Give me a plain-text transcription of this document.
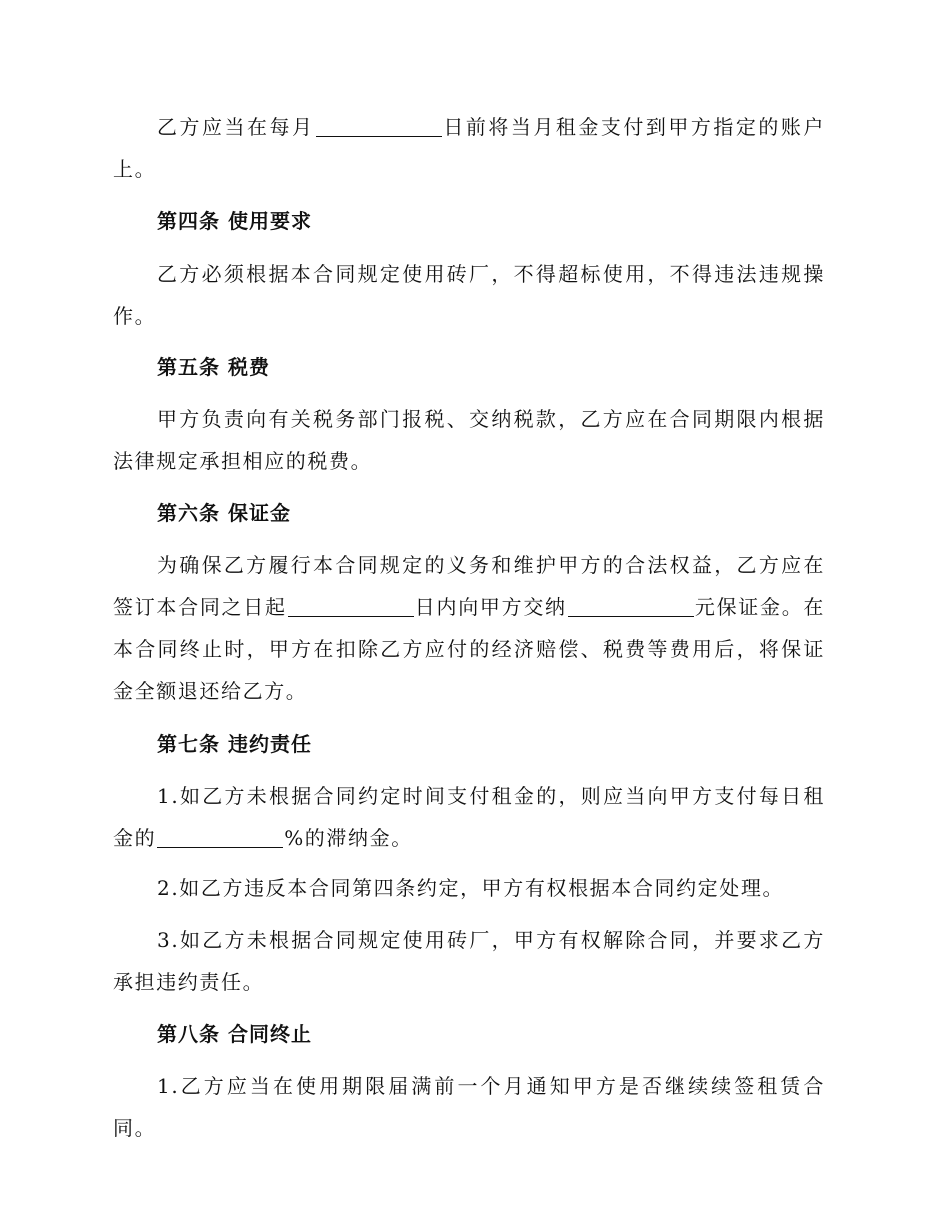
乙方应当在每月	日前将当月租金支付到甲方指定的账户上。

第四条 使用要求

乙方必须根据本合同规定使用砖厂，不得超标使用，不得违法违规操作。

第五条 税费

甲方负责向有关税务部门报税、交纳税款，乙方应在合同期限内根据法律规定承担相应的税费。

第六条 保证金

为确保乙方履行本合同规定的义务和维护甲方的合法权益，乙方应在签订本合同之日起	日内向甲方交纳	元保证金。在本合同终止时，甲方在扣除乙方应付的经济赔偿、税费等费用后，将保证金全额退还给乙方。

第七条 违约责任

1.如乙方未根据合同约定时间支付租金的，则应当向甲方支付每日租金的	%的滞纳金。

2.如乙方违反本合同第四条约定，甲方有权根据本合同约定处理。

3.如乙方未根据合同规定使用砖厂，甲方有权解除合同，并要求乙方承担违约责任。

第八条 合同终止

1.乙方应当在使用期限届满前一个月通知甲方是否继续续签租赁合同。
